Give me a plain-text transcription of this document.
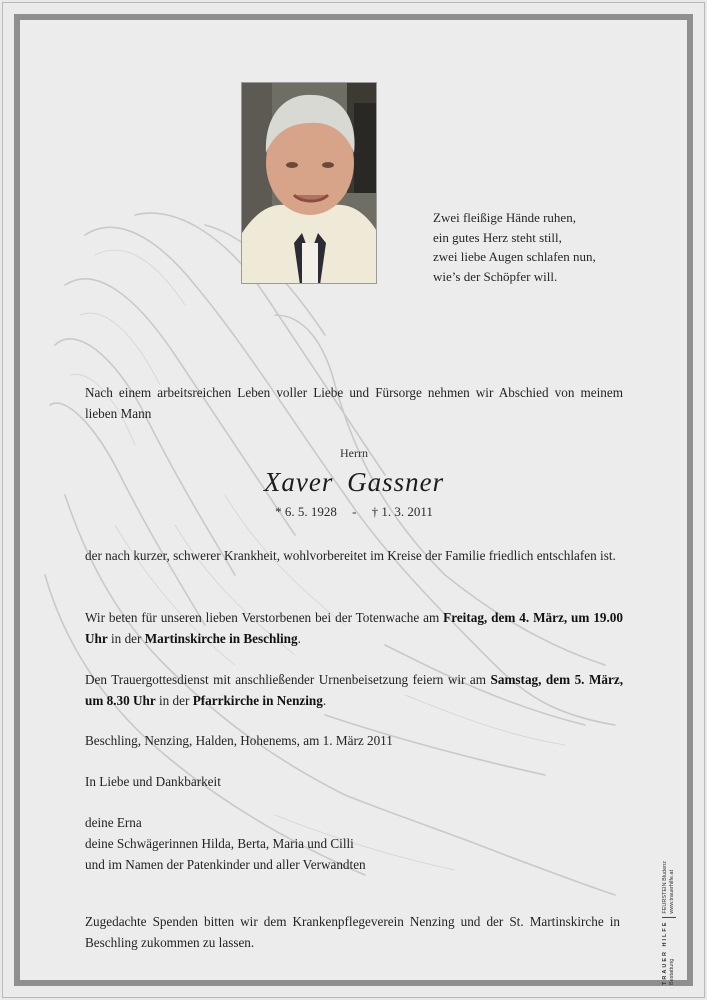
Zwei fleißige Hände ruhen,
ein gutes Herz steht still,
zwei liebe Augen schlafen nun,
wie’s der Schöpfer will.
Nach einem arbeitsreichen Leben voller Liebe und Fürsorge nehmen wir Abschied von meinem lieben Mann
Herrn
Xaver Gassner
* 6. 5. 1928 - † 1. 3. 2011
der nach kurzer, schwerer Krankheit, wohlvorbereitet im Kreise der Familie friedlich entschlafen ist.
Wir beten für unseren lieben Verstorbenen bei der Totenwache am Freitag, dem 4. März, um 19.00 Uhr in der Martinskirche in Beschling.
Den Trauergottesdienst mit anschließender Urnenbeisetzung feiern wir am Samstag, dem 5. März, um 8.30 Uhr in der Pfarrkirche in Nenzing.
Beschling, Nenzing, Halden, Hohenems, am 1. März 2011
In Liebe und Dankbarkeit
deine Erna
deine Schwägerinnen Hilda, Berta, Maria und Cilli
und im Namen der Patenkinder und aller Verwandten
Zugedachte Spenden bitten wir dem Krankenpflegeverein Nenzing und der St. Martinskirche in Beschling zukommen zu lassen.	TRAUER HILFE Bestattung
FEURSTEIN Bludenz www.trauerhilfe.at
